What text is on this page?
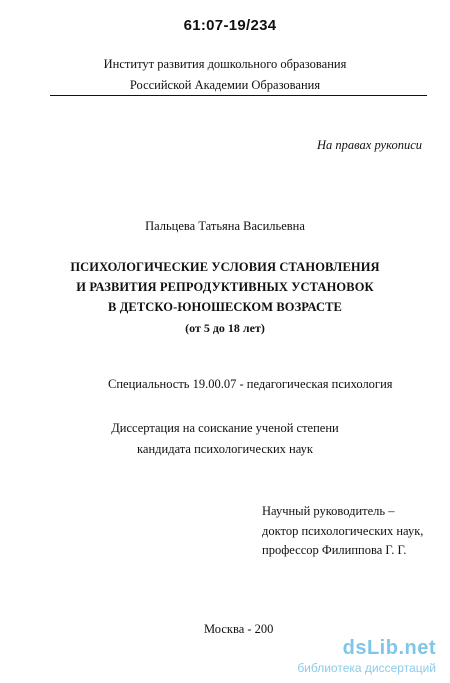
61:07-19/234
Институт развития дошкольного образования
Российской Академии Образования
На правах рукописи
Пальцева Татьяна Васильевна
ПСИХОЛОГИЧЕСКИЕ УСЛОВИЯ СТАНОВЛЕНИЯ
И РАЗВИТИЯ РЕПРОДУКТИВНЫХ УСТАНОВОК
В ДЕТСКО-ЮНОШЕСКОМ ВОЗРАСТЕ
(от 5 до 18 лет)
Специальность 19.00.07 - педагогическая психология
Диссертация на соискание ученой степени
кандидата психологических наук
Научный руководитель –
доктор психологических наук,
профессор Филиппова Г. Г.
Москва - 200
dsLib.net
библиотека диссертаций
